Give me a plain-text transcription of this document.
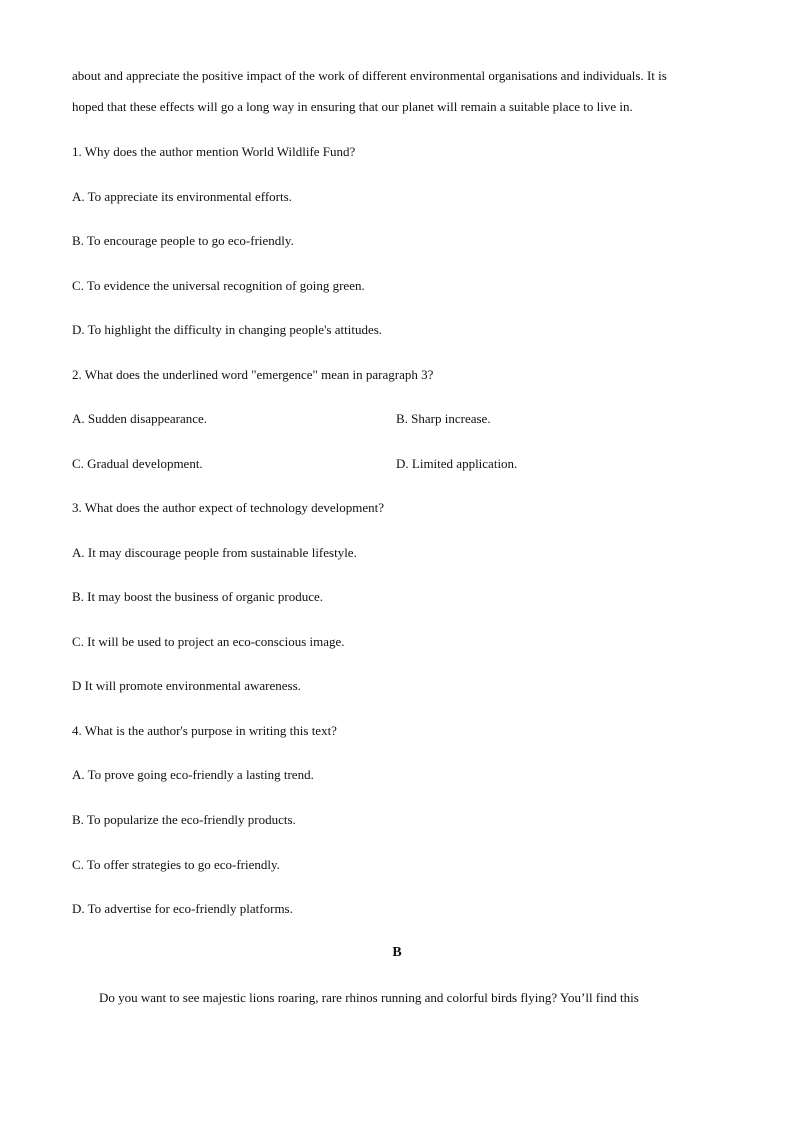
about and appreciate the positive impact of the work of different environmental organisations and individuals. It is
hoped that these effects will go a long way in ensuring that our planet will remain a suitable place to live in.
1. Why does the author mention World Wildlife Fund?
A. To appreciate its environmental efforts.
B. To encourage people to go eco-friendly.
C. To evidence the universal recognition of going green.
D. To highlight the difficulty in changing people's attitudes.
2. What does the underlined word "emergence" mean in paragraph 3?
A. Sudden disappearance.	B. Sharp increase.
C. Gradual development.	D. Limited application.
3. What does the author expect of technology development?
A. It may discourage people from sustainable lifestyle.
B. It may boost the business of organic produce.
C. It will be used to project an eco-conscious image.
D It will promote environmental awareness.
4. What is the author's purpose in writing this text?
A. To prove going eco-friendly a lasting trend.
B. To popularize the eco-friendly products.
C. To offer strategies to go eco-friendly.
D. To advertise for eco-friendly platforms.
B
Do you want to see majestic lions roaring, rare rhinos running and colorful birds flying? You’ll find this
